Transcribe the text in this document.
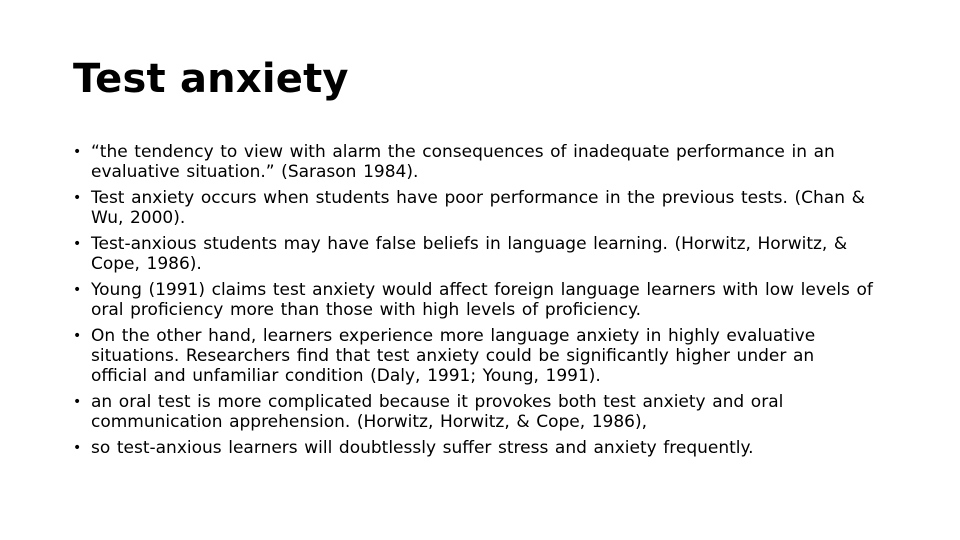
Test anxiety
• “the tendency to view with alarm the consequences of inadequate performance in an evaluative situation.” (Sarason 1984).
• Test anxiety occurs when students have poor performance in the previous tests. (Chan & Wu, 2000).
• Test-anxious students may have false beliefs in language learning. (Horwitz, Horwitz, & Cope, 1986).
• Young (1991) claims test anxiety would affect foreign language learners with low levels of oral proficiency more than those with high levels of proficiency.
• On the other hand, learners experience more language anxiety in highly evaluative situations. Researchers find that test anxiety could be significantly higher under an official and unfamiliar condition (Daly, 1991; Young, 1991).
• an oral test is more complicated because it provokes both test anxiety and oral communication apprehension. (Horwitz, Horwitz, & Cope, 1986),
• so test-anxious learners will doubtlessly suffer stress and anxiety frequently.
